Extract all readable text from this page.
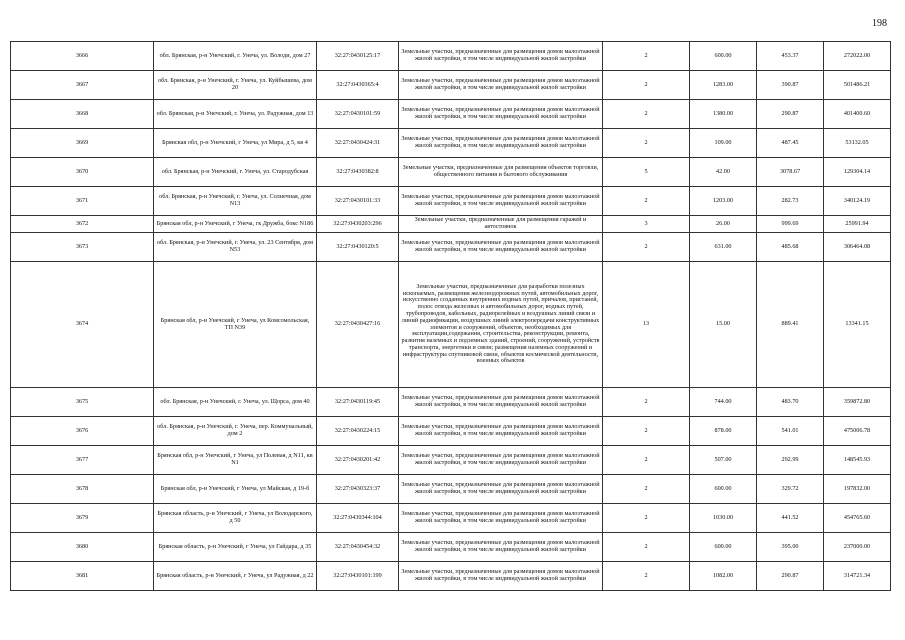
198
3666	обл. Брянская, р-н Унечский, г. Унеча, ул. Володи, дом 27	32:27:0430125:17	Земельные участки, предназначенные для размещения домов малоэтажной жилой застройки, в том числе индивидуальной жилой застройки	2	600.00	453.37	272022.00
3667	обл. Брянская, р-н Унечский, г. Унеча, ул. Куйбышева, дом 20	32:27:0430365:4	Земельные участки, предназначенные для размещения домов малоэтажной жилой застройки, в том числе индивидуальной жилой застройки	2	1283.00	390.87	501486.21
3668	обл. Брянская, р-н Унечский, г. Унеча, ул. Радужная, дом 13	32:27:0430101:59	Земельные участки, предназначенные для размещения домов малоэтажной жилой застройки, в том числе индивидуальной жилой застройки	2	1380.00	290.87	401400.60
3669	Брянская обл, р-н Унечский, г Унеча, ул Мира, д 5, кв 4	32:27:0430424:31	Земельные участки, предназначенные для размещения домов малоэтажной жилой застройки, в том числе индивидуальной жилой застройки	2	109.00	487.45	53132.05
3670	обл. Брянская, р-н Унечский, г. Унеча, ул. Стародубская	32:27:0430382:8	Земельные участки, предназначенные для размещения объектов торговли, общественного питания и бытового обслуживания	5	42.00	3078.67	129304.14
3671	обл. Брянская, р-н Унечский, г. Унеча, ул. Солнечная, дом N13	32:27:0430101:33	Земельные участки, предназначенные для размещения домов малоэтажной жилой застройки, в том числе индивидуальной жилой застройки	2	1203.00	282.73	340124.19
3672	Брянская обл, р-н Унечский, г Унеча, гк Дружба, бокс N186	32:27:0430203:296	Земельные участки, предназначенные для размещения гаражей и автостоянок	3	26.00	999.69	25991.94
3673	обл. Брянская, р-н Унечский, г. Унеча, ул. 23 Сентября, дом N53	32:27:0430120:5	Земельные участки, предназначенные для размещения домов малоэтажной жилой застройки, в том числе индивидуальной жилой застройки	2	631.00	485.68	306464.08
3674	Брянская обл, р-н Унечский, г Унеча, ул Комсомольская, ТП N39	32:27:0430427:16	Земельные участки, предназначенные для разработки полезных ископаемых, размещения железнодорожных путей, автомобильных дорог, искусственно созданных внутренних водных путей, причалов, пристаней, полос отвода железных и автомобильных дорог, водных путей, трубопроводов, кабельных, радиорелейных и воздушных линий связи и линий радиофикации, воздушных линий электропередачи конструктивных элементов и сооружений, объектов, необходимых для эксплуатации,содержания, строительства, реконструкции, ремонта, развития наземных и подземных зданий, строений, сооружений, устройств транспорта, энергетики и связи; размещения наземных сооружений и инфраструктуры спутниковой связи, объектов космической деятельности, военных объектов	13	15.00	889.41	13341.15
3675	обл. Брянская, р-н Унечский, г. Унеча, ул. Щорса, дом 40	32:27:0430119:45	Земельные участки, предназначенные для размещения домов малоэтажной жилой застройки, в том числе индивидуальной жилой застройки	2	744.00	483.70	359872.80
3676	обл. Брянская, р-н Унечский, г. Унеча, пер. Коммунальный, дом 2	32:27:0430224:15	Земельные участки, предназначенные для размещения домов малоэтажной жилой застройки, в том числе индивидуальной жилой застройки	2	878.00	541.01	475006.78
3677	Брянская обл, р-н Унечский, г Унеча, ул Полевая, д N11, кв N1	32:27:0430201:42	Земельные участки, предназначенные для размещения домов малоэтажной жилой застройки, в том числе индивидуальной жилой застройки	2	507.00	292.99	148545.93
3678	Брянская обл, р-н Унечский, г Унеча, ул Майская, д 19-б	32:27:0430323:37	Земельные участки, предназначенные для размещения домов малоэтажной жилой застройки, в том числе индивидуальной жилой застройки	2	600.00	329.72	197832.00
3679	Брянская область, р-н Унечский, г Унеча, ул Володарского, д 50	32:27:0430344:104	Земельные участки, предназначенные для размещения домов малоэтажной жилой застройки, в том числе индивидуальной жилой застройки	2	1030.00	441.52	454765.60
3680	Брянская область, р-н Унечский, г Унеча, ул Гайдара, д 35	32:27:0430454:32	Земельные участки, предназначенные для размещения домов малоэтажной жилой застройки, в том числе индивидуальной жилой застройки	2	600.00	395.00	237000.00
3681	Брянская область, р-н Унечский, г Унеча, ул Радужная, д 22	32:27:0430101:199	Земельные участки, предназначенные для размещения домов малоэтажной жилой застройки, в том числе индивидуальной жилой застройки	2	1082.00	290.87	314721.34
